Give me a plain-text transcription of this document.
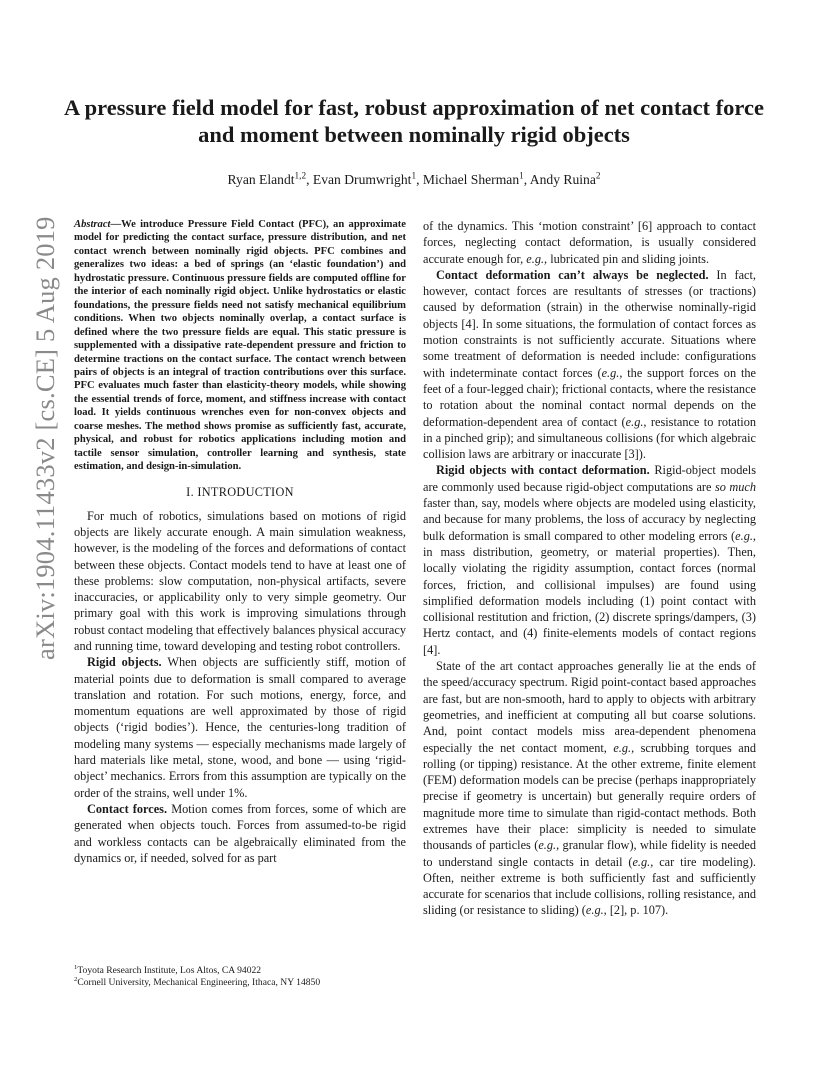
arXiv:1904.11433v2 [cs.CE] 5 Aug 2019
A pressure field model for fast, robust approximation of net contact force and moment between nominally rigid objects
Ryan Elandt$^{1,2}$, Evan Drumwright$^1$, Michael Sherman$^1$, Andy Ruina$^2$

Abstract—We introduce Pressure Field Contact (PFC), an approximate model for predicting the contact surface, pressure distribution, and net contact wrench between nominally rigid objects. PFC combines and generalizes two ideas: a bed of springs (an ‘elastic foundation’) and hydrostatic pressure. Continuous pressure fields are computed offline for the interior of each nominally rigid object. Unlike hydrostatics or elastic foundations, the pressure fields need not satisfy mechanical equilibrium conditions. When two objects nominally overlap, a contact surface is defined where the two pressure fields are equal. This static pressure is supplemented with a dissipative rate-dependent pressure and friction to determine tractions on the contact surface. The contact wrench between pairs of objects is an integral of traction contributions over this surface. PFC evaluates much faster than elasticity-theory models, while showing the essential trends of force, moment, and stiffness increase with contact load. It yields continuous wrenches even for non-convex objects and coarse meshes. The method shows promise as sufficiently fast, accurate, physical, and robust for robotics applications including motion and tactile sensor simulation, controller learning and synthesis, state estimation, and design-in-simulation.

I. INTRODUCTION

For much of robotics, simulations based on motions of rigid objects are likely accurate enough. A main simulation weakness, however, is the modeling of the forces and deformations of contact between these objects. Contact models tend to have at least one of these problems: slow computation, non-physical artifacts, severe inaccuracies, or applicability only to very simple geometry. Our primary goal with this work is improving simulations through robust contact modeling that effectively balances physical accuracy and running time, toward developing and testing robot controllers.

Rigid objects. When objects are sufficiently stiff, motion of material points due to deformation is small compared to average translation and rotation. For such motions, energy, force, and momentum equations are well approximated by those of rigid objects (‘rigid bodies’). Hence, the centuries-long tradition of modeling many systems — especially mechanisms made largely of hard materials like metal, stone, wood, and bone — using ‘rigid-object’ mechanics. Errors from this assumption are typically on the order of the strains, well under 1%.

Contact forces. Motion comes from forces, some of which are generated when objects touch. Forces from assumed-to-be rigid and workless contacts can be algebraically eliminated from the dynamics or, if needed, solved for as part

of the dynamics. This ‘motion constraint’ [6] approach to contact forces, neglecting contact deformation, is usually considered accurate enough for, e.g., lubricated pin and sliding joints.

Contact deformation can’t always be neglected. In fact, however, contact forces are resultants of stresses (or tractions) caused by deformation (strain) in the otherwise nominally-rigid objects [4]. In some situations, the formulation of contact forces as motion constraints is not sufficiently accurate. Situations where some treatment of deformation is needed include: configurations with indeterminate contact forces (e.g., the support forces on the feet of a four-legged chair); frictional contacts, where the resistance to rotation about the nominal contact normal depends on the deformation-dependent area of contact (e.g., resistance to rotation in a pinched grip); and simultaneous collisions (for which algebraic collision laws are arbitrary or inaccurate [3]).

Rigid objects with contact deformation. Rigid-object models are commonly used because rigid-object computations are so much faster than, say, models where objects are modeled using elasticity, and because for many problems, the loss of accuracy by neglecting bulk deformation is small compared to other modeling errors (e.g., in mass distribution, geometry, or material properties). Then, locally violating the rigidity assumption, contact forces (normal forces, friction, and collisional impulses) are found using simplified deformation models including (1) point contact with collisional restitution and friction, (2) discrete springs/dampers, (3) Hertz contact, and (4) finite-elements models of contact regions [4].

State of the art contact approaches generally lie at the ends of the speed/accuracy spectrum. Rigid point-contact based approaches are fast, but are non-smooth, hard to apply to objects with arbitrary geometries, and inefficient at computing all but coarse solutions. And, point contact models miss area-dependent phenomena especially the net contact moment, e.g., scrubbing torques and rolling (or tipping) resistance. At the other extreme, finite element (FEM) deformation models can be precise (perhaps inappropriately precise if geometry is uncertain) but generally require orders of magnitude more time to simulate than rigid-contact methods. Both extremes have their place: simplicity is needed to simulate thousands of particles (e.g., granular flow), while fidelity is needed to understand single contacts in detail (e.g., car tire modeling). Often, neither extreme is both sufficiently fast and sufficiently accurate for scenarios that include collisions, rolling resistance, and sliding (or resistance to sliding) (e.g., [2], p. 107).

$^1$Toyota Research Institute, Los Altos, CA 94022
$^2$Cornell University, Mechanical Engineering, Ithaca, NY 14850
